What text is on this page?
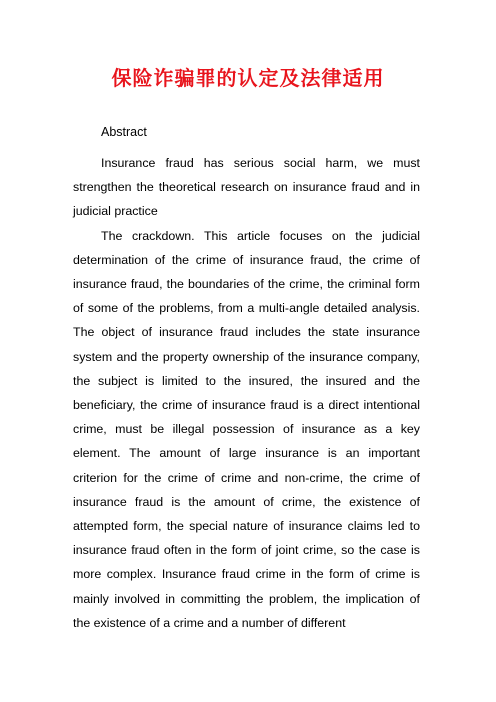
保险诈骗罪的认定及法律适用
Abstract

Insurance fraud has serious social harm, we must strengthen the theoretical research on insurance fraud and in judicial practice

The crackdown. This article focuses on the judicial determination of the crime of insurance fraud, the crime of insurance fraud, the boundaries of the crime, the criminal form of some of the problems, from a multi-angle detailed analysis. The object of insurance fraud includes the state insurance system and the property ownership of the insurance company, the subject is limited to the insured, the insured and the beneficiary, the crime of insurance fraud is a direct intentional crime, must be illegal possession of insurance as a key element. The amount of large insurance is an important criterion for the crime of crime and non-crime, the crime of insurance fraud is the amount of crime, the existence of attempted form, the special nature of insurance claims led to insurance fraud often in the form of joint crime, so the case is more complex. Insurance fraud crime in the form of crime is mainly involved in committing the problem, the implication of the existence of a crime and a number of different
